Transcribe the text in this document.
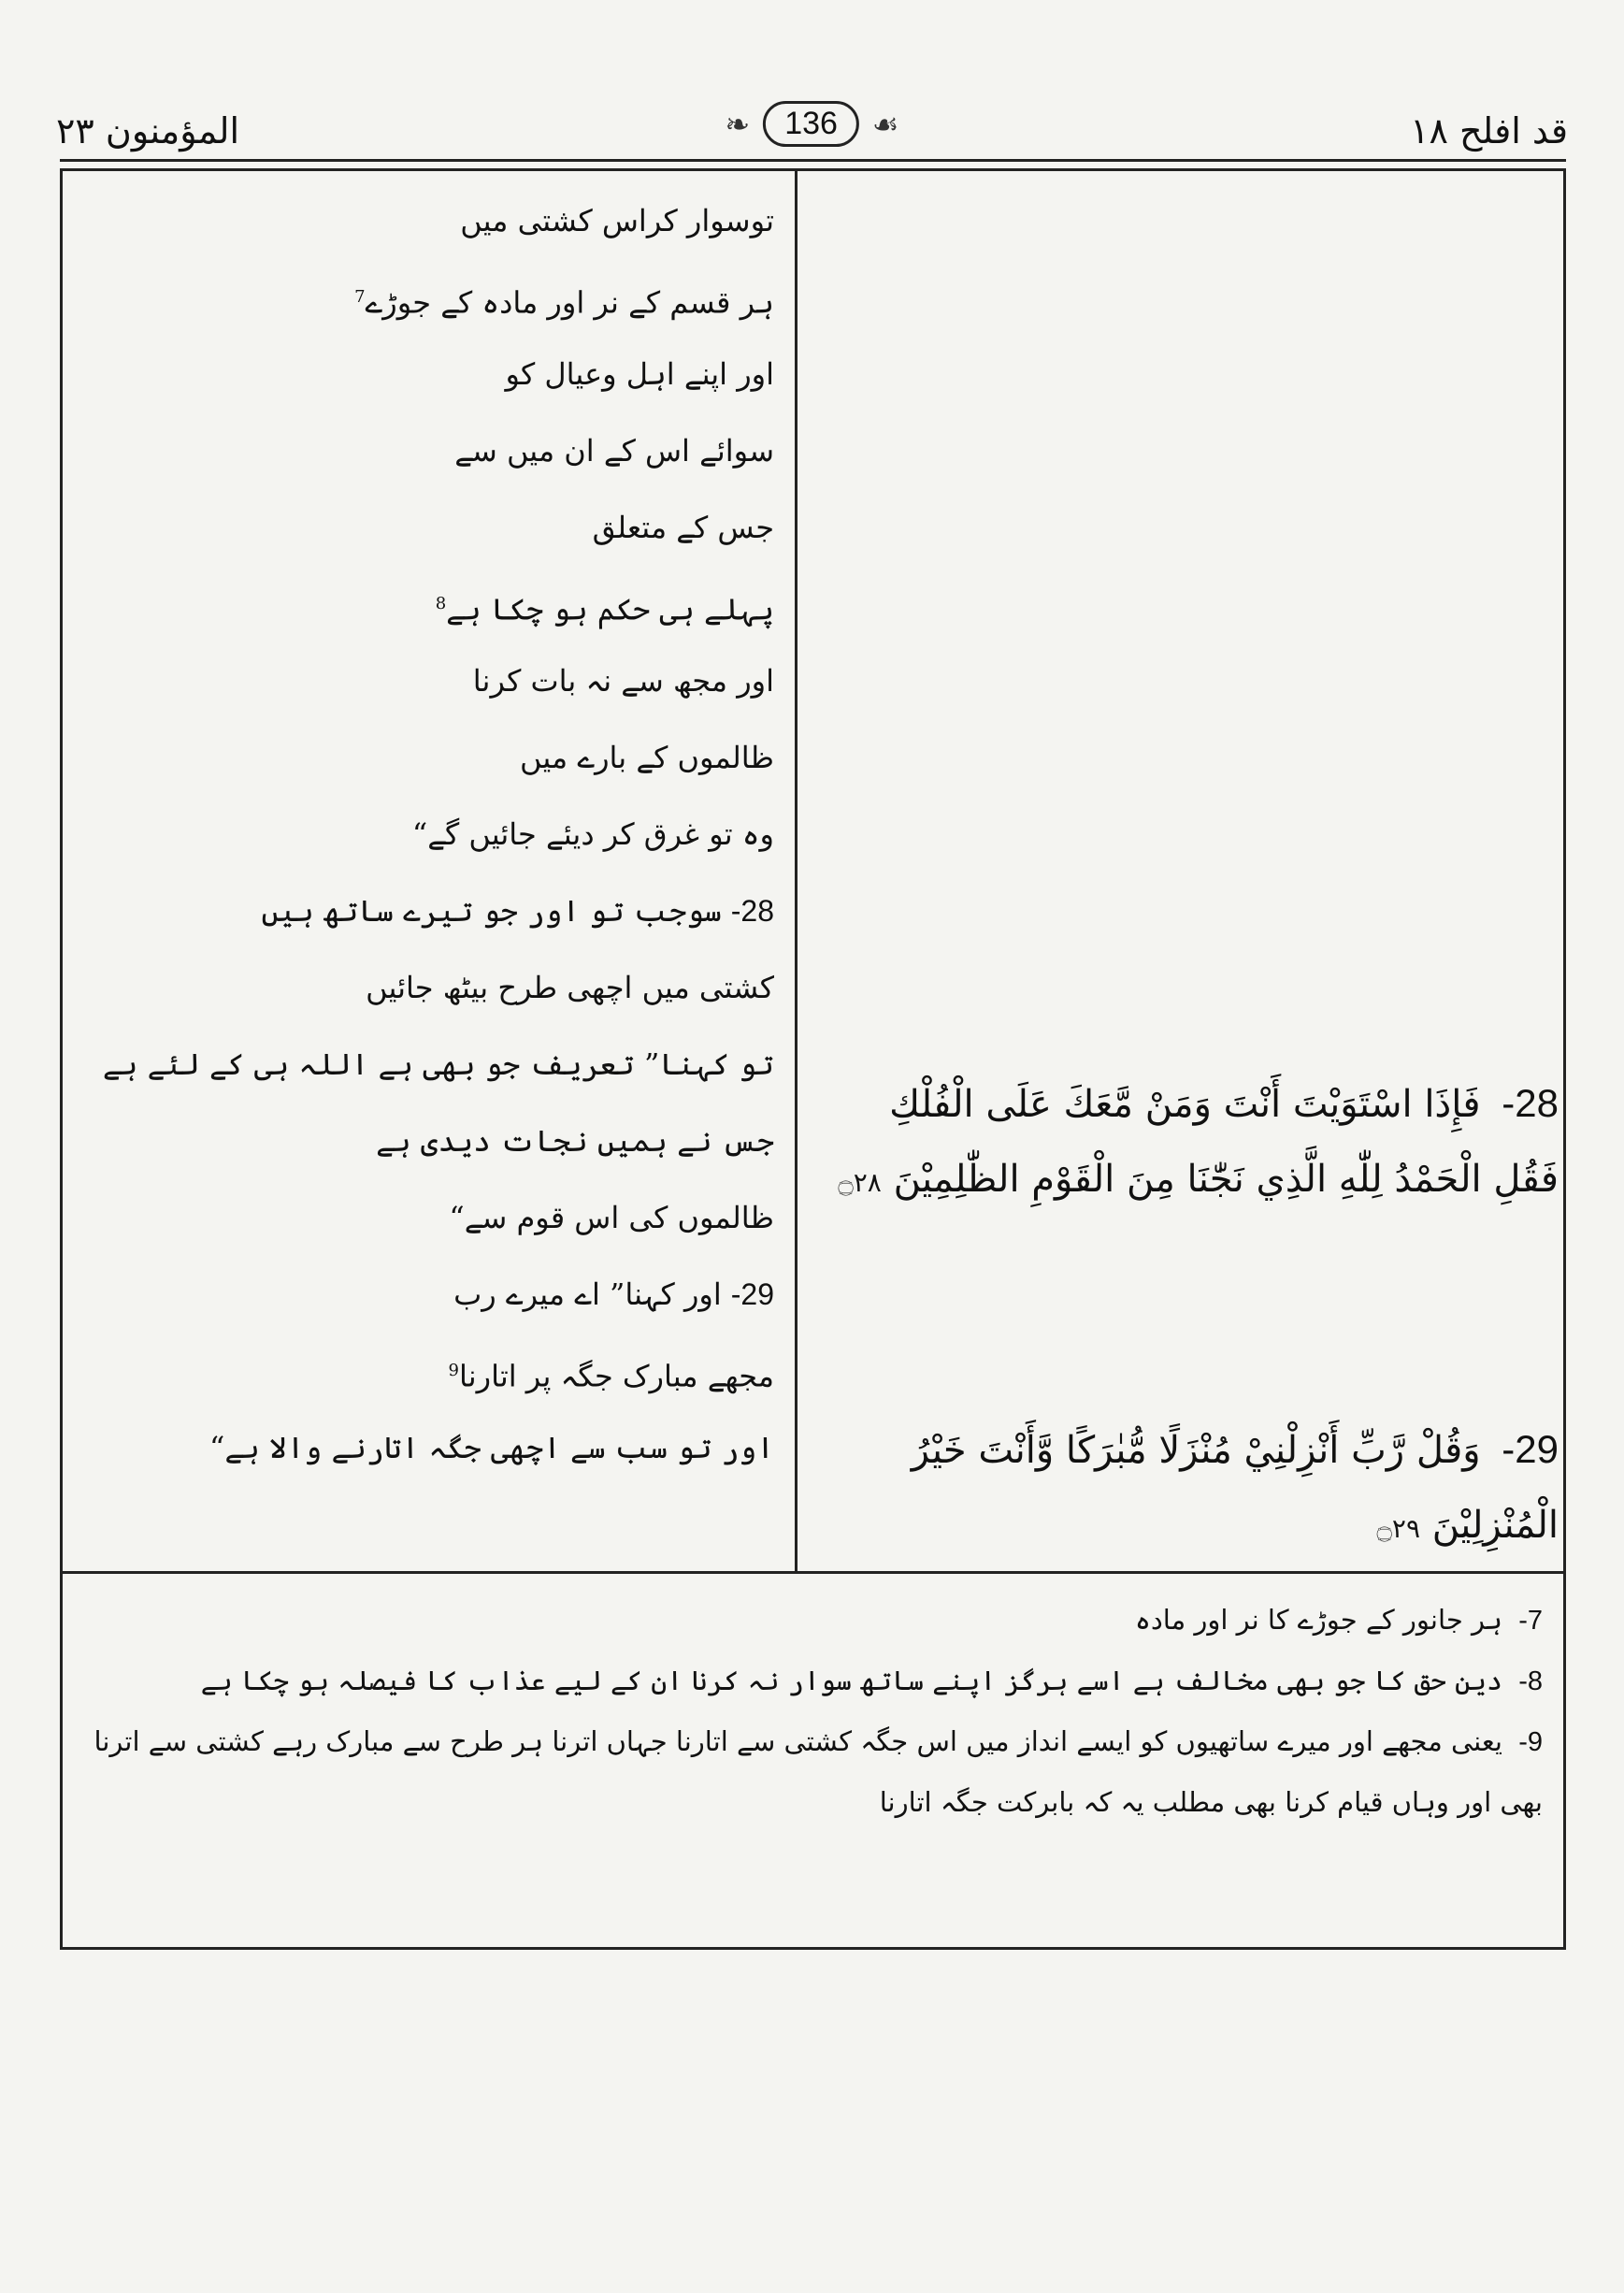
المؤمنون ٢٣	❧	136	☙	قد افلح ١٨
توسوار کراس کشتی میں
ہر قسم کے نر اور مادہ کے جوڑے$^7$
اور اپنے اہل وعیال کو
سوائے اس کے ان میں سے
جس کے متعلق
پہلے ہی حکم ہو چکا ہے$^8$
اور مجھ سے نہ بات کرنا
ظالموں کے بارے میں
وہ تو غرق کر دیئے جائیں گے“
28-سوجب تو اور جو تیرے ساتھ ہیں
کشتی میں اچھی طرح بیٹھ جائیں
تو کہنا” تعریف جو بھی ہے اللہ ہی کے لئے ہے
جس نے ہمیں نجات دیدی ہے
ظالموں کی اس قوم سے“
29-اور کہنا” اے میرے رب
مجھے مبارک جگہ پر اتارنا$^9$
اور تو سب سے اچھی جگہ اتارنے والا ہے“
28- فَإِذَا اسْتَوَيْتَ أَنْتَ وَمَنْ مَّعَكَ عَلَى الْفُلْكِ فَقُلِ الْحَمْدُ لِلّٰهِ الَّذِي نَجّٰنَا مِنَ الْقَوْمِ الظّٰلِمِيْنَ ۝٢٨
29- وَقُلْ رَّبِّ أَنْزِلْنِيْ مُنْزَلًا مُّبٰرَكًا وَّأَنْتَ خَيْرُ الْمُنْزِلِيْنَ ۝٢٩
7- ہر جانور کے جوڑے کا نر اور مادہ
8- دین حق کا جو بھی مخالف ہے اسے ہرگز اپنے ساتھ سوار نہ کرنا ان کے لیے عذاب کا فیصلہ ہو چکا ہے
9- یعنی مجھے اور میرے ساتھیوں کو ایسے انداز میں اس جگہ کشتی سے اتارنا جہاں اترنا ہر طرح سے مبارک رہے کشتی سے اترنا بھی اور وہاں قیام کرنا بھی مطلب یہ کہ بابرکت جگہ اتارنا
